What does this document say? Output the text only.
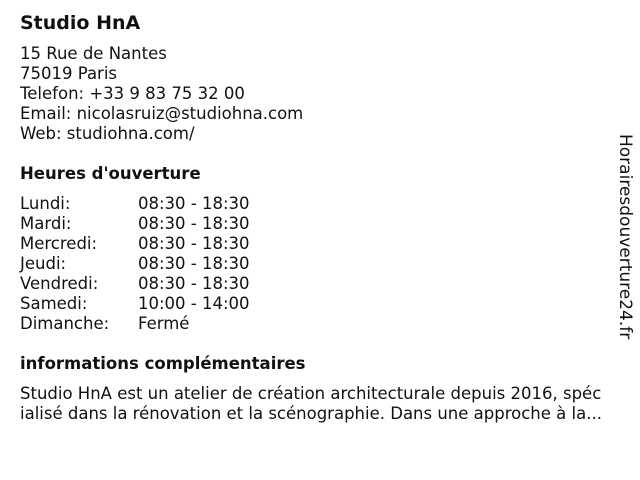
Studio HnA
15 Rue de Nantes
75019 Paris
Telefon: +33 9 83 75 32 00
Email: nicolasruiz@studiohna.com
Web: studiohna.com/
Heures d'ouverture
Lundi:	08:30 - 18:30
Mardi:	08:30 - 18:30
Mercredi:	08:30 - 18:30
Jeudi:	08:30 - 18:30
Vendredi:	08:30 - 18:30
Samedi:	10:00 - 14:00
Dimanche:	Fermé
informations complémentaires
Studio HnA est un atelier de création architecturale depuis 2016, spéc
ialisé dans la rénovation et la scénographie. Dans une approche à la...
Horairesdouverture24.fr
